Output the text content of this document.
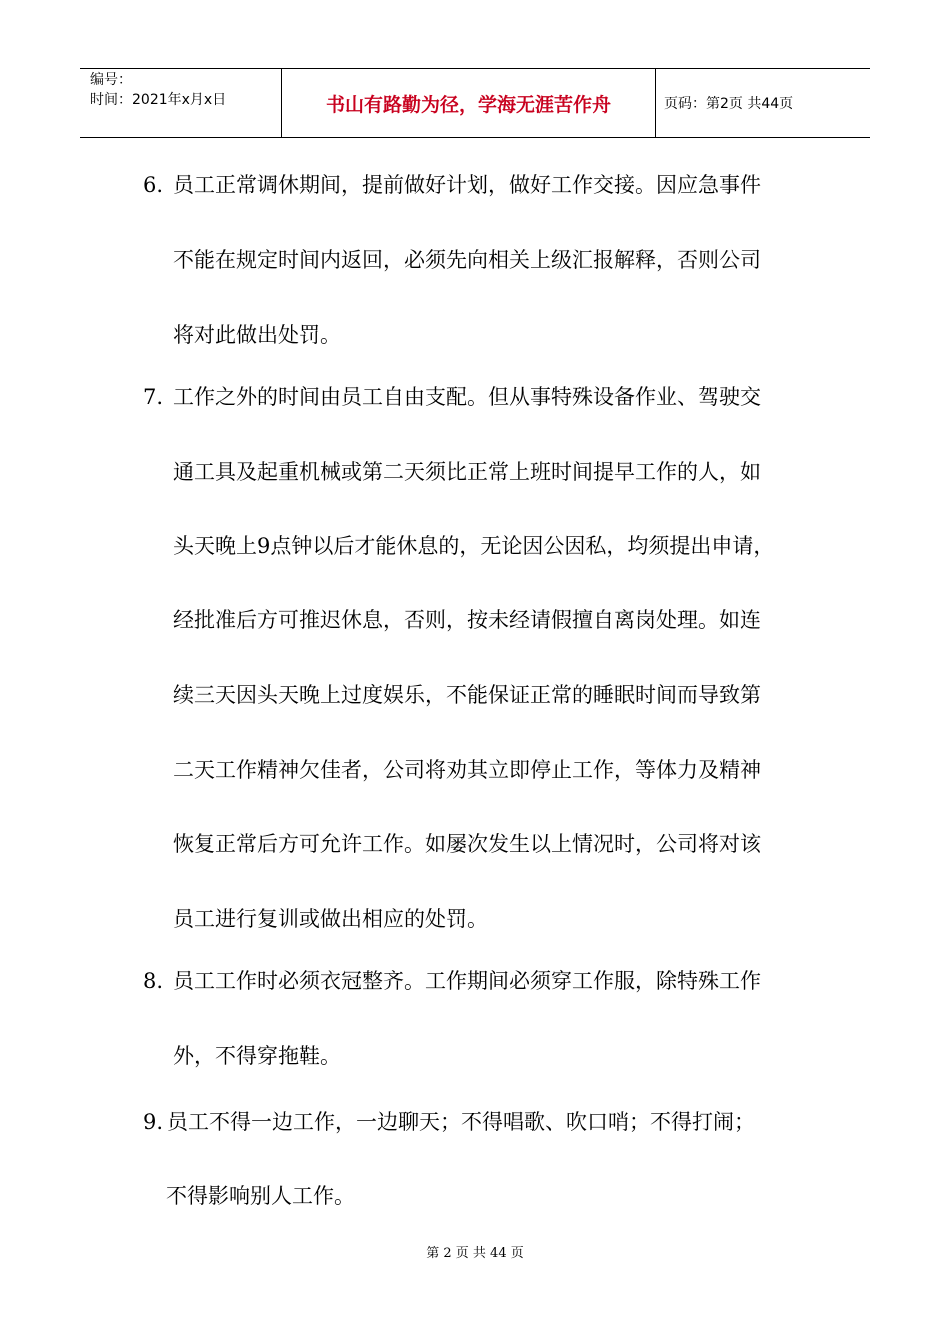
编号：
时间：2021年x月x日	书山有路勤为径，学海无涯苦作舟	页码：第2页 共44页
6. 员工正常调休期间，提前做好计划，做好工作交接。因应急事件
不能在规定时间内返回，必须先向相关上级汇报解释，否则公司
将对此做出处罚。
7. 工作之外的时间由员工自由支配。但从事特殊设备作业、驾驶交
通工具及起重机械或第二天须比正常上班时间提早工作的人，如
头天晚上9点钟以后才能休息的，无论因公因私，均须提出申请，
经批准后方可推迟休息，否则，按未经请假擅自离岗处理。如连
续三天因头天晚上过度娱乐，不能保证正常的睡眠时间而导致第
二天工作精神欠佳者，公司将劝其立即停止工作，等体力及精神
恢复正常后方可允许工作。如屡次发生以上情况时，公司将对该
员工进行复训或做出相应的处罚。
8. 员工工作时必须衣冠整齐。工作期间必须穿工作服，除特殊工作
外，不得穿拖鞋。
9. 员工不得一边工作，一边聊天；不得唱歌、吹口哨；不得打闹；
不得影响别人工作。
第 2 页 共 44 页
